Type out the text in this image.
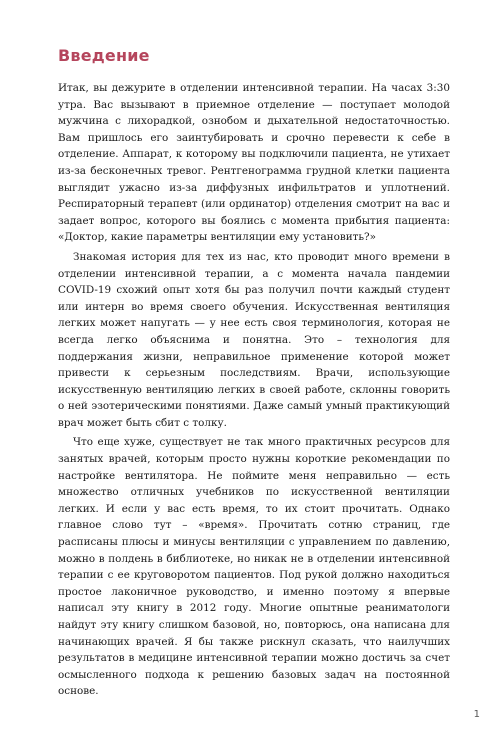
Введение

Итак, вы дежурите в отделении интенсивной терапии. На часах 3:30 утра. Вас вызывают в приемное отделение — поступает молодой мужчина с лихорадкой, ознобом и дыхательной недостаточностью. Вам пришлось его заинтубировать и срочно перевести к себе в отделение. Аппарат, к которому вы подключили пациента, не утихает из-за бесконечных тревог. Рентгенограмма грудной клетки пациента выглядит ужасно из-за диффузных инфильтратов и уплотнений. Респираторный терапевт (или ординатор) отделения смотрит на вас и задает вопрос, которого вы боялись с момента прибытия пациента: «Доктор, какие параметры вентиляции ему установить?»

Знакомая история для тех из нас, кто проводит много времени в отделении интенсивной терапии, а с момента начала пандемии COVID-19 схожий опыт хотя бы раз получил почти каждый студент или интерн во время своего обучения. Искусственная вентиляция легких может напугать — у нее есть своя терминология, которая не всегда легко объяснима и понятна. Это – технология для поддержания жизни, неправильное применение которой может привести к серьезным последствиям. Врачи, использующие искусственную вентиляцию легких в своей работе, склонны говорить о ней эзотерическими понятиями. Даже самый умный практикующий врач может быть сбит с толку.

Что еще хуже, существует не так много практичных ресурсов для занятых врачей, которым просто нужны короткие рекомендации по настройке вентилятора. Не поймите меня неправильно — есть множество отличных учебников по искусственной вентиляции легких. И если у вас есть время, то их стоит прочитать. Однако главное слово тут – «время». Прочитать сотню страниц, где расписаны плюсы и минусы вентиляции с управлением по давлению, можно в полдень в библиотеке, но никак не в отделении интенсивной терапии с ее круговоротом пациентов. Под рукой должно находиться простое лаконичное руководство, и именно поэтому я впервые написал эту книгу в 2012 году. Многие опытные реаниматологи найдут эту книгу слишком базовой, но, повторюсь, она написана для начинающих врачей. Я бы также рискнул сказать, что наилучших результатов в медицине интенсивной терапии можно достичь за счет осмысленного подхода к решению базовых задач на постоянной основе.

1
